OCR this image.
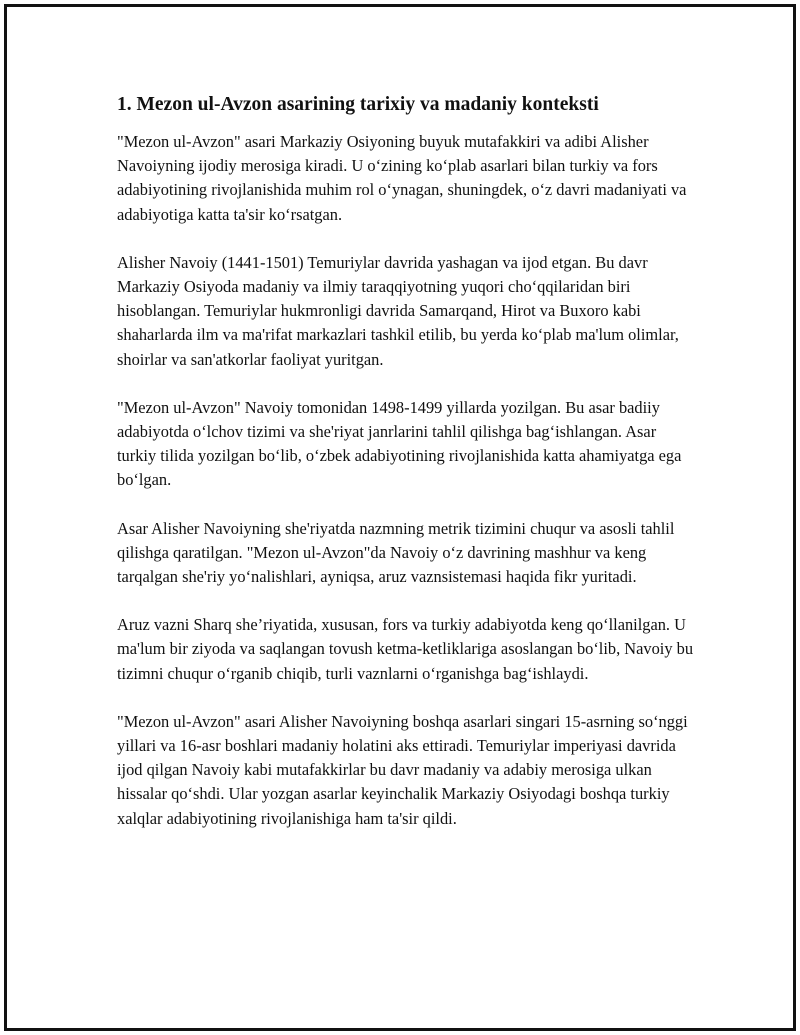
1. Mezon ul-Avzon asarining tarixiy va madaniy konteksti

"Mezon ul-Avzon" asari Markaziy Osiyoning buyuk mutafakkiri va adibi Alisher Navoiyning ijodiy merosiga kiradi. U o‘zining ko‘plab asarlari bilan turkiy va fors adabiyotining rivojlanishida muhim rol o‘ynagan, shuningdek, o‘z davri madaniyati va adabiyotiga katta ta'sir ko‘rsatgan.

Alisher Navoiy (1441-1501) Temuriylar davrida yashagan va ijod etgan. Bu davr Markaziy Osiyoda madaniy va ilmiy taraqqiyotning yuqori cho‘qqilaridan biri hisoblangan. Temuriylar hukmronligi davrida Samarqand, Hirot va Buxoro kabi shaharlarda ilm va ma'rifat markazlari tashkil etilib, bu yerda ko‘plab ma'lum olimlar, shoirlar va san'atkorlar faoliyat yuritgan.

"Mezon ul-Avzon" Navoiy tomonidan 1498-1499 yillarda yozilgan. Bu asar badiiy adabiyotda o‘lchov tizimi va she'riyat janrlarini tahlil qilishga bag‘ishlangan. Asar turkiy tilida yozilgan bo‘lib, o‘zbek adabiyotining rivojlanishida katta ahamiyatga ega bo‘lgan.

Asar Alisher Navoiyning she'riyatda nazmning metrik tizimini chuqur va asosli tahlil qilishga qaratilgan. "Mezon ul-Avzon"da Navoiy o‘z davrining mashhur va keng tarqalgan she'riy yo‘nalishlari, ayniqsa, aruz vaznsistemasi haqida fikr yuritadi.

Aruz vazni Sharq she’riyatida, xususan, fors va turkiy adabiyotda keng qo‘llanilgan. U ma'lum bir ziyoda va saqlangan tovush ketma-ketliklariga asoslangan bo‘lib, Navoiy bu tizimni chuqur o‘rganib chiqib, turli vaznlarni o‘rganishga bag‘ishlaydi.

"Mezon ul-Avzon" asari Alisher Navoiyning boshqa asarlari singari 15-asrning so‘nggi yillari va 16-asr boshlari madaniy holatini aks ettiradi. Temuriylar imperiyasi davrida ijod qilgan Navoiy kabi mutafakkirlar bu davr madaniy va adabiy merosiga ulkan hissalar qo‘shdi. Ular yozgan asarlar keyinchalik Markaziy Osiyodagi boshqa turkiy xalqlar adabiyotining rivojlanishiga ham ta'sir qildi.
